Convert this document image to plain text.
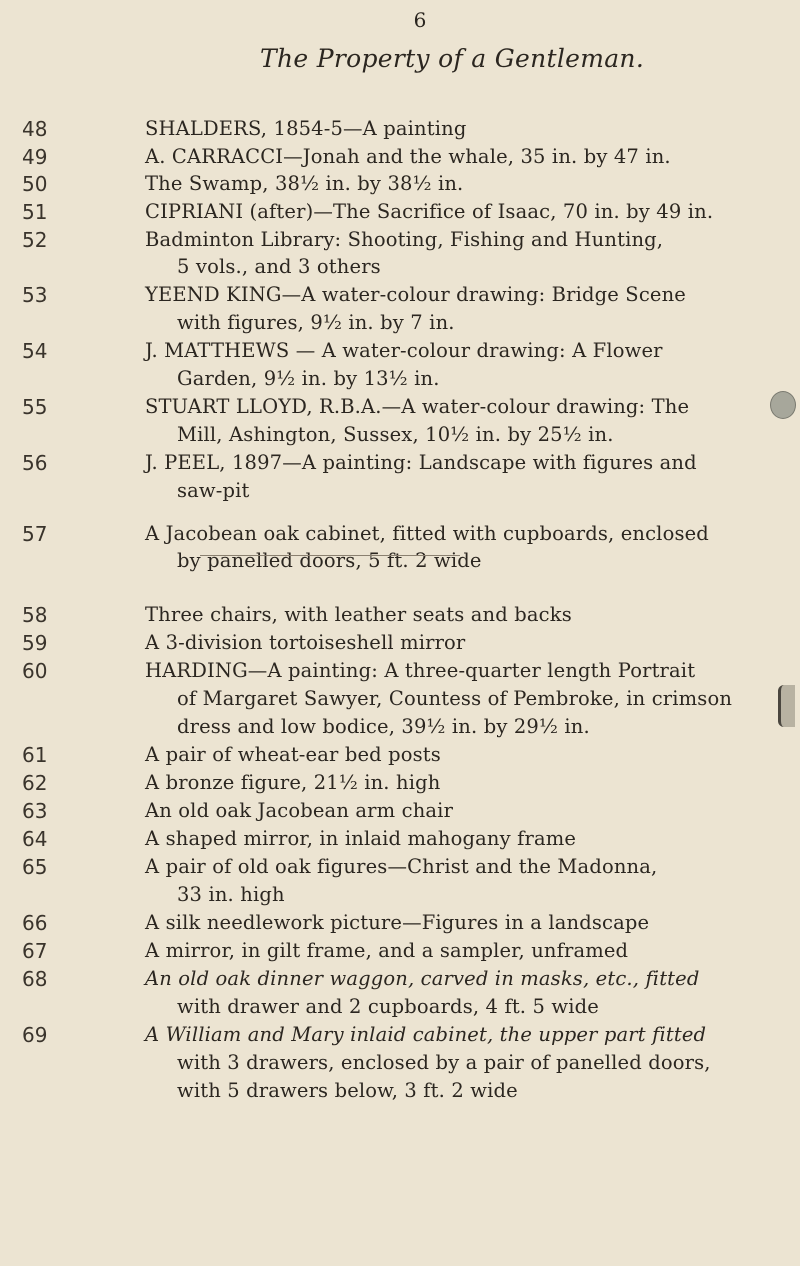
6
The Property of a Gentleman.
48
49
50
51
52
53
54
55
56
57
58
59
60
61
62
63
64
65
66
67
68
69
SHALDERS, 1854-5—A painting
A. CARRACCI—Jonah and the whale, 35 in. by 47 in.
The Swamp, 38½ in. by 38½ in.
CIPRIANI (after)—The Sacrifice of Isaac, 70 in. by 49 in.
Badminton Library: Shooting, Fishing and Hunting,
5 vols., and 3 others
YEEND KING—A water-colour drawing: Bridge Scene
with figures, 9½ in. by 7 in.
J. MATTHEWS — A water-colour drawing: A Flower
Garden, 9½ in. by 13½ in.
STUART LLOYD, R.B.A.—A water-colour drawing: The
Mill, Ashington, Sussex, 10½ in. by 25½ in.
J. PEEL, 1897—A painting: Landscape with figures and
saw-pit
A Jacobean oak cabinet, fitted with cupboards, enclosed
by panelled doors, 5 ft. 2 wide
Three chairs, with leather seats and backs
A 3-division tortoiseshell mirror
HARDING—A painting: A three-quarter length Portrait
of Margaret Sawyer, Countess of Pembroke, in crimson
dress and low bodice, 39½ in. by 29½ in.
A pair of wheat-ear bed posts
A bronze figure, 21½ in. high
An old oak Jacobean arm chair
A shaped mirror, in inlaid mahogany frame
A pair of old oak figures—Christ and the Madonna,
33 in. high
A silk needlework picture—Figures in a landscape
A mirror, in gilt frame, and a sampler, unframed
An old oak dinner waggon, carved in masks, etc., fitted
with drawer and 2 cupboards, 4 ft. 5 wide
A William and Mary inlaid cabinet, the upper part fitted
with 3 drawers, enclosed by a pair of panelled doors,
with 5 drawers below, 3 ft. 2 wide
